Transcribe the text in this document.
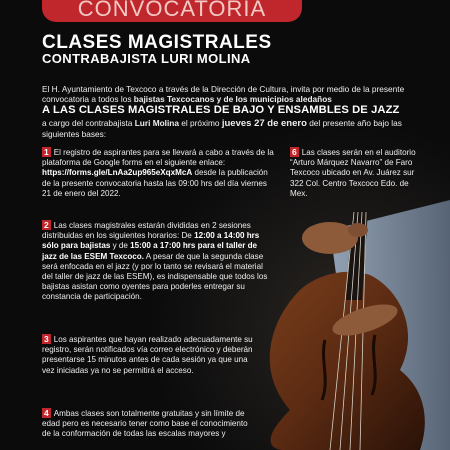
CONVOCATORIA
CLASES MAGISTRALES
CONTRABAJISTA LURI MOLINA
El H. Ayuntamiento de Texcoco a través de la Dirección de Cultura, invita por medio de la presente convocatoria a todos los bajistas Texcocanos y de los municipios aledaños
A LAS CLASES MAGISTRALES DE BAJO Y ENSAMBLES DE JAZZ
a cargo del contrabajista Luri Molina el próximo jueves 27 de enero del presente año bajo las siguientes bases:
1 El registro de aspirantes para se llevará a cabo a través de la plataforma de Google forms en el siguiente enlace: https://forms.gle/LnAa2up965eXqxMcA desde la publicación de la presente convocatoria hasta las 09:00 hrs del día viernes 21 de enero del 2022.
6 Las clases serán en el auditorio “Arturo Márquez Navarro” de Faro Texcoco ubicado en Av. Juárez sur 322 Col. Centro Texcoco Edo. de Mex.
2 Las clases magistrales estarán divididas en 2 sesiones distribuidas en los siguientes horarios: De 12:00 a 14:00 hrs sólo para bajistas y de 15:00 a 17:00 hrs para el taller de jazz de las ESEM Texcoco. A pesar de que la segunda clase será enfocada en el jazz (y por lo tanto se revisará el material del taller de jazz de las ESEM), es indispensable que todos los bajistas asistan como oyentes para poderles entregar su constancia de participación.
3 Los aspirantes que hayan realizado adecuadamente su registro, serán notificados vía correo electrónico y deberán presentarse 15 minutos antes de cada sesión ya que una vez iniciadas ya no se permitirá el acceso.
4 Ambas clases son totalmente gratuitas y sin límite de edad pero es necesario tener como base el conocimiento de la conformación de todas las escalas mayores y
